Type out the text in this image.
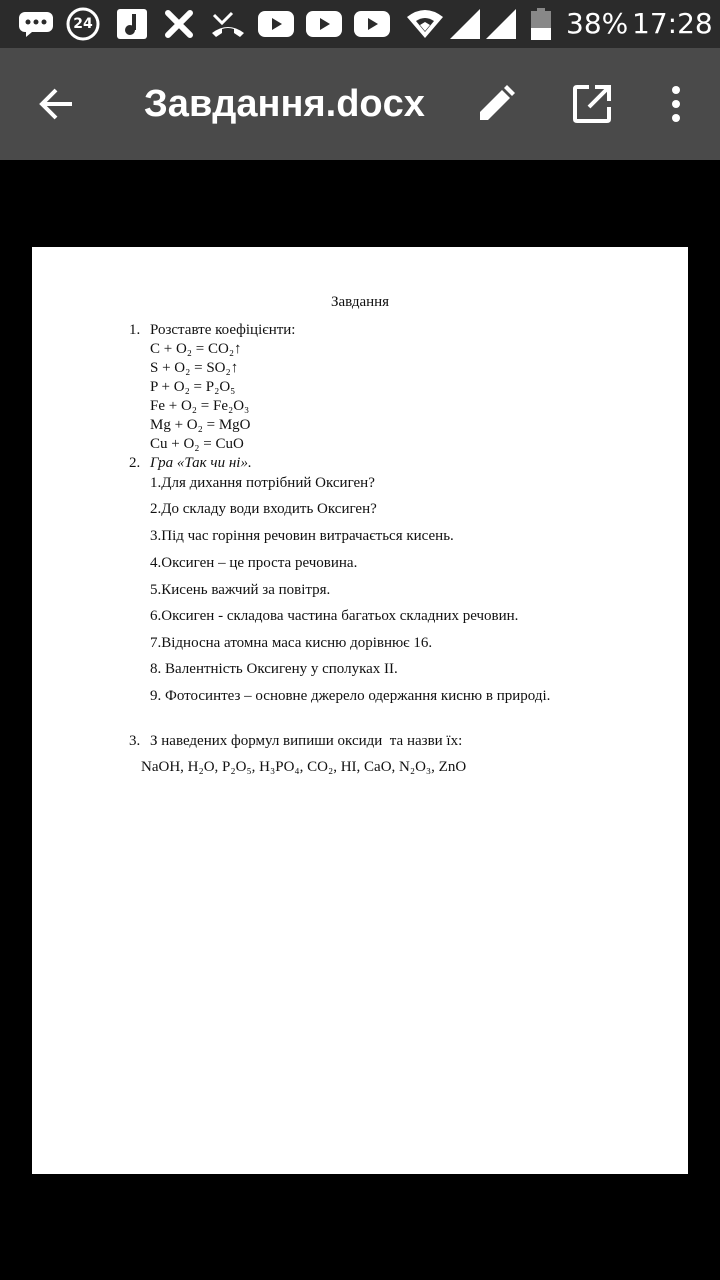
24	38% 17:28
Завдання.docx
Завдання
1. Розставте коефіцієнти:
C + O₂ = CO₂↑
S + O₂ = SO₂↑
P + O₂ = P₂O₅
Fe + O₂ = Fe₂O₃
Mg + O₂ = MgO
Cu + O₂ = CuO
2. Гра «Так чи ні».
1.Для дихання потрібний Оксиген?
2.До складу води входить Оксиген?
3.Під час горіння речовин витрачається кисень.
4.Оксиген – це проста речовина.
5.Кисень важчий за повітря.
6.Оксиген - складова частина багатьох складних речовин.
7.Відносна атомна маса кисню дорівнює 16.
8. Валентність Оксигену у сполуках ІІ.
9. Фотосинтез – основне джерело одержання кисню в природі.
3. З наведених формул випиши оксиди  та назви їх:
NaOH, H₂O, P₂O₅, H₃PO₄, CO₂, HI, CaO, N₂O₃, ZnO
